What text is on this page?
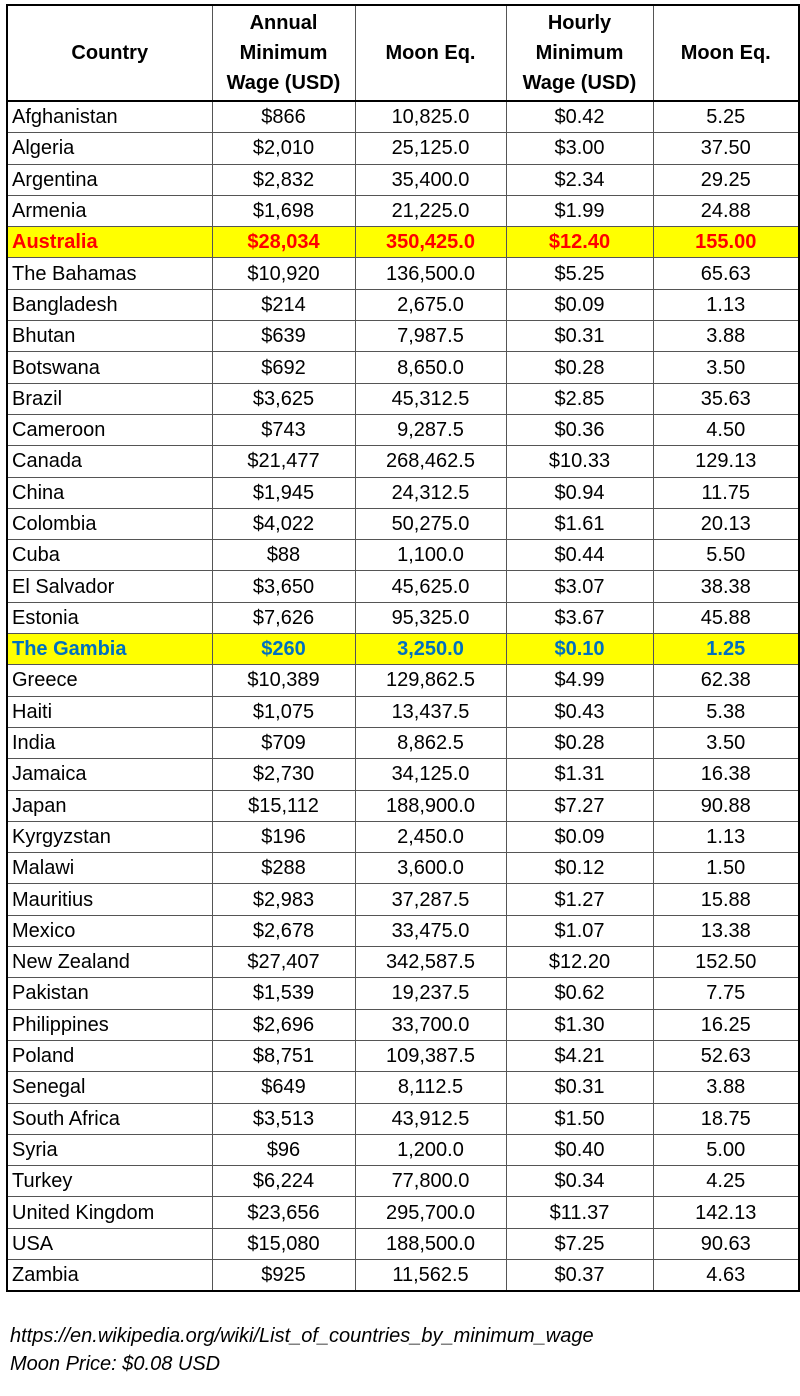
Country	Annual
Minimum
Wage (USD)	Moon Eq.	Hourly
Minimum
Wage (USD)	Moon Eq.
Afghanistan	$866	10,825.0	$0.42	5.25
Algeria	$2,010	25,125.0	$3.00	37.50
Argentina	$2,832	35,400.0	$2.34	29.25
Armenia	$1,698	21,225.0	$1.99	24.88
Australia	$28,034	350,425.0	$12.40	155.00
The Bahamas	$10,920	136,500.0	$5.25	65.63
Bangladesh	$214	2,675.0	$0.09	1.13
Bhutan	$639	7,987.5	$0.31	3.88
Botswana	$692	8,650.0	$0.28	3.50
Brazil	$3,625	45,312.5	$2.85	35.63
Cameroon	$743	9,287.5	$0.36	4.50
Canada	$21,477	268,462.5	$10.33	129.13
China	$1,945	24,312.5	$0.94	11.75
Colombia	$4,022	50,275.0	$1.61	20.13
Cuba	$88	1,100.0	$0.44	5.50
El Salvador	$3,650	45,625.0	$3.07	38.38
Estonia	$7,626	95,325.0	$3.67	45.88
The Gambia	$260	3,250.0	$0.10	1.25
Greece	$10,389	129,862.5	$4.99	62.38
Haiti	$1,075	13,437.5	$0.43	5.38
India	$709	8,862.5	$0.28	3.50
Jamaica	$2,730	34,125.0	$1.31	16.38
Japan	$15,112	188,900.0	$7.27	90.88
Kyrgyzstan	$196	2,450.0	$0.09	1.13
Malawi	$288	3,600.0	$0.12	1.50
Mauritius	$2,983	37,287.5	$1.27	15.88
Mexico	$2,678	33,475.0	$1.07	13.38
New Zealand	$27,407	342,587.5	$12.20	152.50
Pakistan	$1,539	19,237.5	$0.62	7.75
Philippines	$2,696	33,700.0	$1.30	16.25
Poland	$8,751	109,387.5	$4.21	52.63
Senegal	$649	8,112.5	$0.31	3.88
South Africa	$3,513	43,912.5	$1.50	18.75
Syria	$96	1,200.0	$0.40	5.00
Turkey	$6,224	77,800.0	$0.34	4.25
United Kingdom	$23,656	295,700.0	$11.37	142.13
USA	$15,080	188,500.0	$7.25	90.63
Zambia	$925	11,562.5	$0.37	4.63
https://en.wikipedia.org/wiki/List_of_countries_by_minimum_wage
Moon Price: $0.08 USD
